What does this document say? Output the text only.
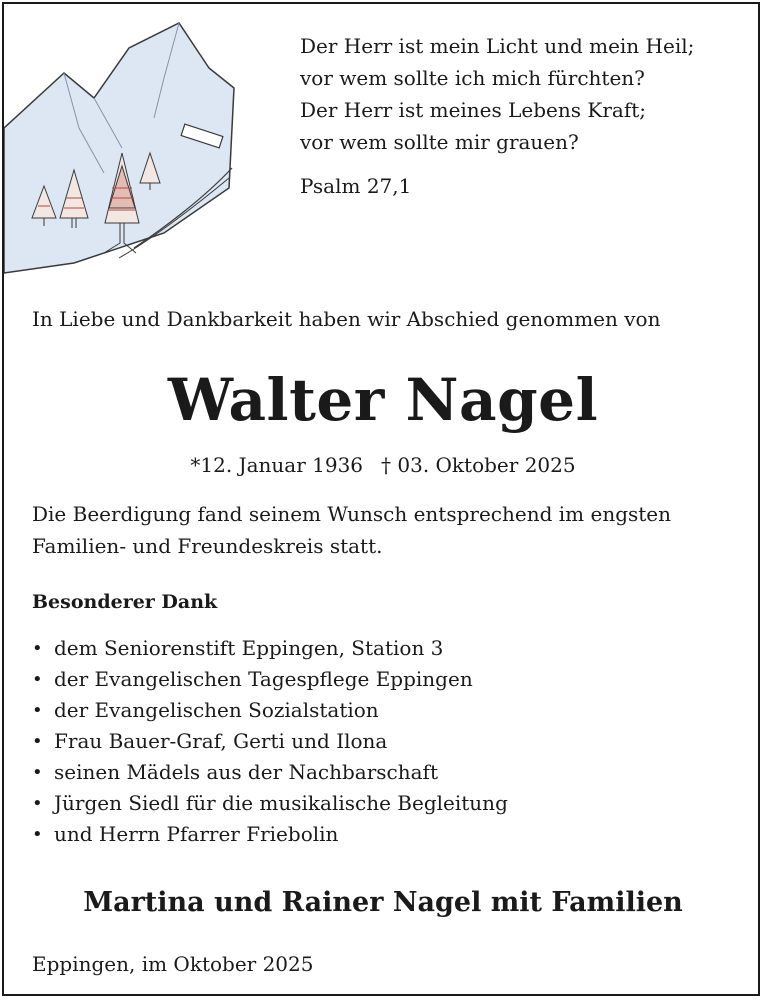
Der Herr ist mein Licht und mein Heil;
vor wem sollte ich mich fürchten?
Der Herr ist meines Lebens Kraft;
vor wem sollte mir grauen?
Psalm 27,1
In Liebe und Dankbarkeit haben wir Abschied genommen von
Walter Nagel
*12. Januar 1936 † 03. Oktober 2025
Die Beerdigung fand seinem Wunsch entsprechend im engsten
Familien- und Freundeskreis statt.
Besonderer Dank
• dem Seniorenstift Eppingen, Station 3
• der Evangelischen Tagespflege Eppingen
• der Evangelischen Sozialstation
• Frau Bauer-Graf, Gerti und Ilona
• seinen Mädels aus der Nachbarschaft
• Jürgen Siedl für die musikalische Begleitung
• und Herrn Pfarrer Friebolin
Martina und Rainer Nagel mit Familien
Eppingen, im Oktober 2025
